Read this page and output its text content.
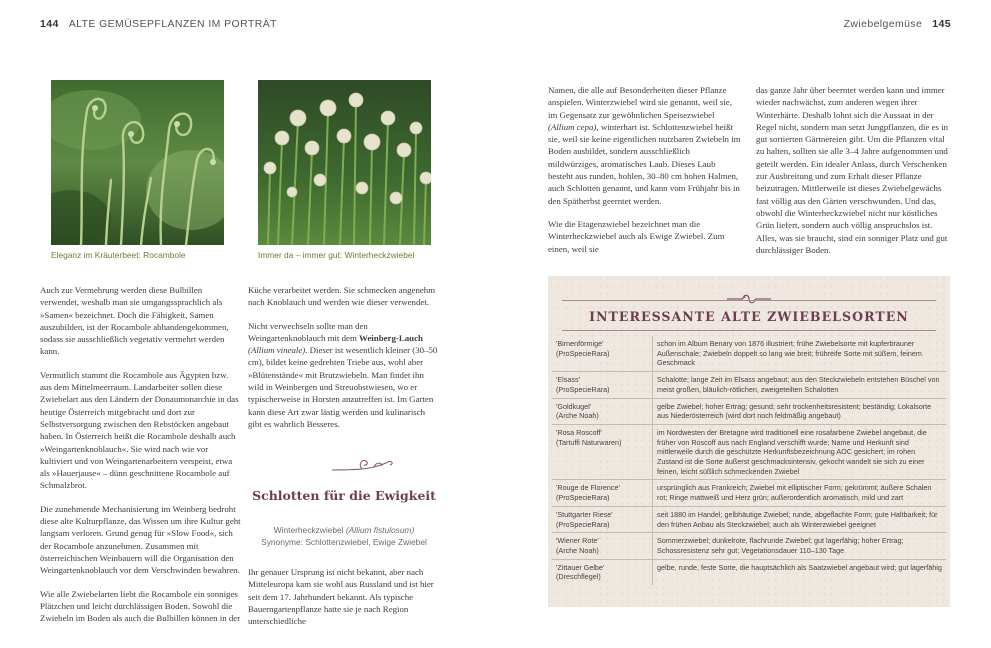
144 ALTE GEMÜSEPFLANZEN IM PORTRÄT	Zwiebelgemüse 145
Eleganz im Kräuterbeet: Rocambole	Immer da – immer gut: Winterheckzwiebel

Auch zur Vermehrung werden diese Bulbillen verwendet, weshalb man sie umgangssprachlich als »Samen« bezeichnet. Doch die Fähigkeit, Samen auszubilden, ist der Rocambole abhandengekommen, sodass sie ausschließlich vegetativ vermehrt werden kann.

Vermutlich stammt die Rocambole aus Ägypten bzw. aus dem Mittelmeerraum. Landarbeiter sollen diese Zwiebelart aus den Ländern der Donaumonarchie in das heutige Österreich mitgebracht und dort zur Selbstversorgung zwischen den Rebstöcken angebaut haben. In Österreich heißt die Rocambole deshalb auch »Weingartenknoblauch«. Sie wird nach wie vor kultiviert und von Weingartenarbeitern verspeist, etwa als »Hauerjause« – dünn geschnittene Rocambole auf Schmalzbrot.

Die zunehmende Mechanisierung im Weinberg bedroht diese alte Kulturpflanze, das Wissen um ihre Kultur geht langsam verloren. Grund genug für »Slow Food«, sich der Rocambole anzunehmen. Zusammen mit österreichischen Weinbauern will die Organisation den Weingartenknoblauch vor dem Verschwinden bewahren.

Wie alle Zwiebelarten liebt die Rocambole ein sonniges Plätzchen und leicht durchlässigen Boden. Sowohl die Zwiebeln im Boden als auch die Bulbillen können in der

Küche verarbeitet werden. Sie schmecken angenehm nach Knoblauch und werden wie dieser verwendet.

Nicht verwechseln sollte man den Weingartenknoblauch mit dem Weinberg-Lauch (Allium vineale). Dieser ist wesentlich kleiner (30–50 cm), bildet keine gedrehten Triebe aus, wohl aber »Blütenstände« mit Brutzwiebeln. Man findet ihn wild in Weinbergen und Streuobstwiesen, wo er typischerweise in Horsten anzutreffen ist. Im Garten kann diese Art zwar lästig werden und kulinarisch gibt es wahrlich Besseres.

Schlotten für die Ewigkeit
Winterheckzwiebel (Allium fistulosum)
Synonyme: Schlottenzwiebel, Ewige Zwiebel

Ihr genauer Ursprung ist nicht bekannt, aber nach Mitteleuropa kam sie wohl aus Russland und ist hier seit dem 17. Jahrhundert bekannt. Als typische Bauerngartenpflanze hatte sie je nach Region unterschiedliche

Namen, die alle auf Besonderheiten dieser Pflanze anspielen. Winterzwiebel wird sie genannt, weil sie, im Gegensatz zur gewöhnlichen Speisezwiebel (Allium cepa), winterhart ist. Schlottenzwiebel heißt sie, weil sie keine eigentlichen nutzbaren Zwiebeln im Boden ausbildet, sondern ausschließlich mildwürziges, aromatisches Laub. Dieses Laub besteht aus runden, hohlen, 30–80 cm hohen Halmen, auch Schlotten genannt, und kann vom Frühjahr bis in den Spätherbst geerntet werden.

Wie die Etagenzwiebel bezeichnet man die Winterheckzwiebel auch als Ewige Zwiebel. Zum einen, weil sie

das ganze Jahr über beerntet werden kann und immer wieder nachwächst, zum anderen wegen ihrer Winterhärte. Deshalb lohnt sich die Aussaat in der Regel nicht, sondern man setzt Jungpflanzen, die es in gut sortierten Gärtnereien gibt. Um die Pflanzen vital zu halten, sollten sie alle 3–4 Jahre aufgenommen und geteilt werden. Ein idealer Anlass, durch Verschenken zur Ausbreitung und zum Erhalt dieser Pflanze beizutragen. Mittlerweile ist dieses Zwiebelgewächs fast völlig aus den Gärten verschwunden. Und das, obwohl die Winterheckzwiebel nicht nur köstliches Grün liefert, sondern auch völlig anspruchslos ist. Alles, was sie braucht, sind ein sonniger Platz und gut durchlässiger Boden.

INTERESSANTE ALTE ZWIEBELSORTEN
'Birnenförmige'
(ProSpecieRara)	schon im Album Benary von 1876 illustriert; frühe Zwiebelsorte mit kupferbrauner Außenschale; Zwiebeln doppelt so lang wie breit; frühreife Sorte mit süßem, feinem Geschmack

'Elsass'
(ProSpecieRara)	Schalotte; lange Zeit im Elsass angebaut; aus den Steckzwiebeln entstehen Büschel von meist großen, bläulich-rötlichen, zweigeteilten Schalotten

'Goldkugel'
(Arche Noah)	gelbe Zwiebel; hoher Ertrag; gesund; sehr trockenheitsresistent; beständig; Lokalsorte aus Niederösterreich (wird dort noch feldmäßig angebaut)

'Rosa Roscoff'
(Tartuffi Naturwaren)	im Nordwesten der Bretagne wird traditionell eine rosafarbene Zwiebel angebaut, die früher von Roscoff aus nach England verschifft wurde; Name und Herkunft sind mittlerweile durch die geschützte Herkunftsbezeichnung AOC gesichert; im rohen Zustand ist die Sorte äußerst geschmacksintensiv, gekocht wandelt sie sich zu einer feinen, leicht süßlich schmeckenden Zwiebel

'Rouge de Florence'
(ProSpecieRara)	ursprünglich aus Frankreich; Zwiebel mit elliptischer Form; gekrümmt; äußere Schalen rot; Ringe mattweiß und Herz grün; außerordentlich aromatisch, mild und zart

'Stuttgarter Riese'
(ProSpecieRara)	seit 1880 im Handel; gelbhäutige Zwiebel; runde, abgeflachte Form; gute Haltbarkeit; für den frühen Anbau als Steckzwiebel; auch als Winterzwiebel geeignet

'Wiener Rote'
(Arche Noah)	Sommerzwiebel; dunkelrote, flachrunde Zwiebel; gut lagerfähig; hoher Ertrag; Schossresistenz sehr gut; Vegetationsdauer 110–130 Tage

'Zittauer Gelbe'
(Dreschflegel)	gelbe, runde, feste Sorte, die hauptsächlich als Saatzwiebel angebaut wird; gut lagerfähig
